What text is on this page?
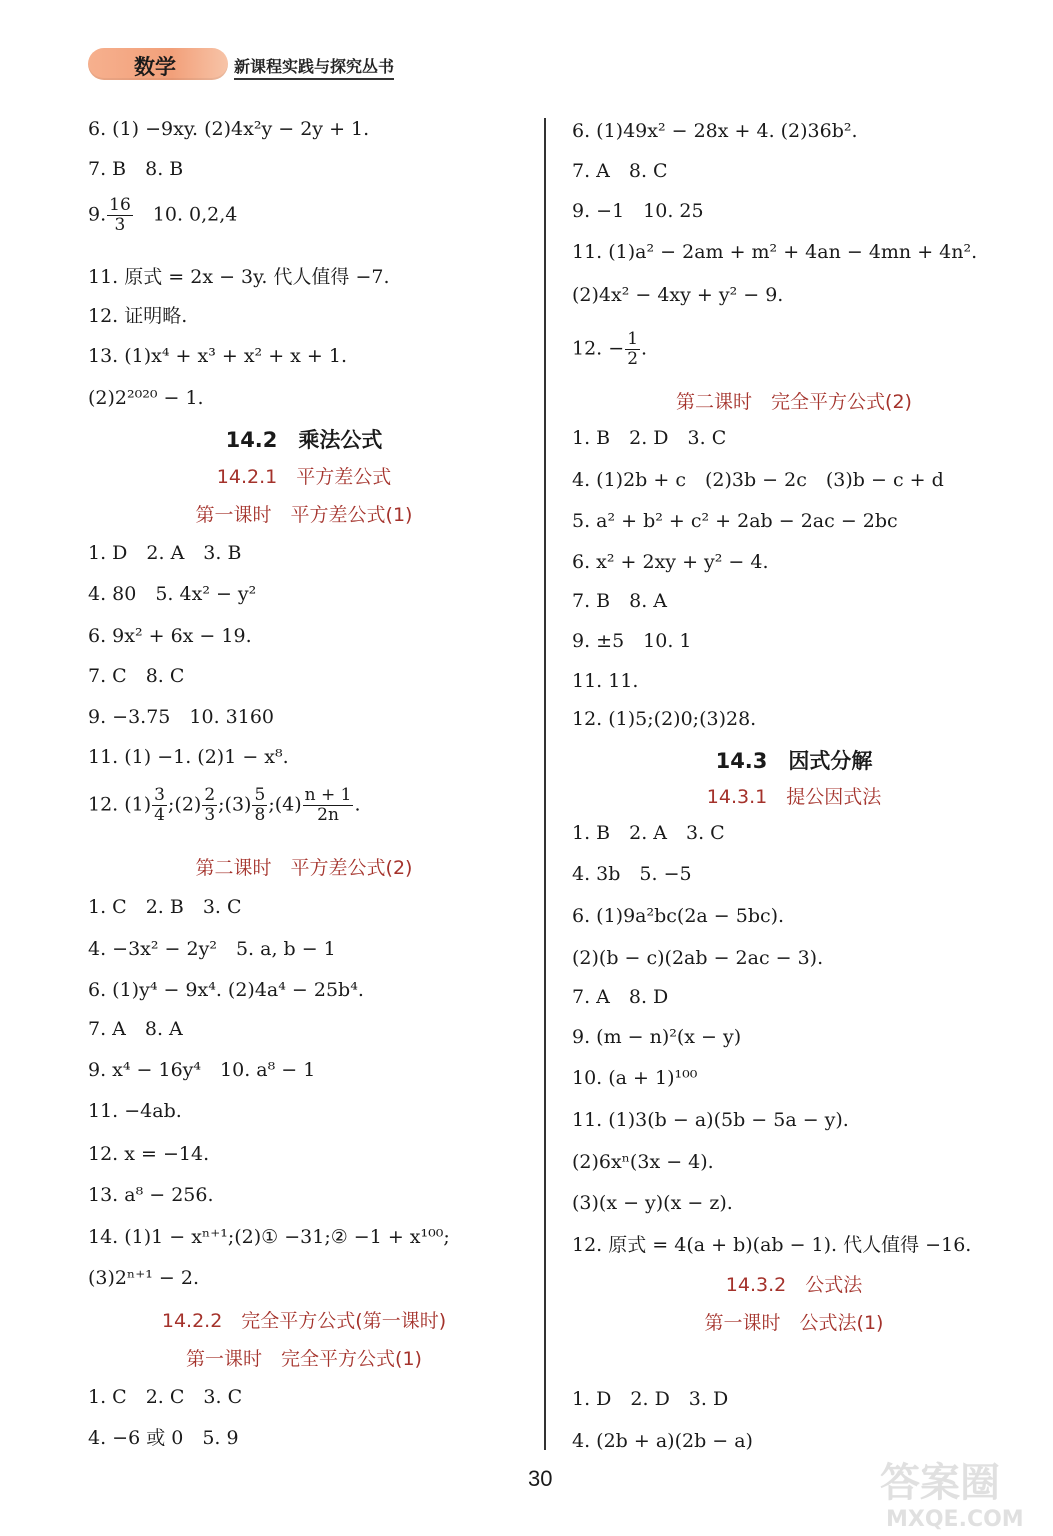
数学	新课程实践与探究丛书
6. (1) −9xy. (2)4x²y − 2y + 1.
7. B　8. B
9. $\frac{16}{3}$ 　10. 0,2,4
11. 原式 = 2x − 3y. 代人值得 −7.
12. 证明略.
13. (1)x⁴ + x³ + x² + x + 1.
(2)2²⁰²⁰ − 1.
14.2　乘法公式
14.2.1　平方差公式
第一课时　平方差公式(1)
1. D　2. A　3. B
4. 80　5. 4x² − y²
6. 9x² + 6x − 19.
7. C　8. C
9. −3.75　10. 3160
11. (1) −1. (2)1 − x⁸.
12. $(1) \frac{3}{4}$ ;(2) $\frac{2}{3}$ ;(3) $\frac{5}{8}$ ;(4) $\frac{n + 1}{2n}$ .
第二课时　平方差公式(2)
1. C　2. B　3. C
4. −3x² − 2y²　5. a, b − 1
6. (1)y⁴ − 9x⁴. (2)4a⁴ − 25b⁴.
7. A　8. A
9. x⁴ − 16y⁴　10. a⁸ − 1
11. −4ab.
12. x = −14.
13. a⁸ − 256.
14. (1)1 − xⁿ⁺¹;(2)① −31;② −1 + x¹⁰⁰;
(3)2ⁿ⁺¹ − 2.
14.2.2　完全平方公式(第一课时)
第一课时　完全平方公式(1)
1. C　2. C　3. C
4. −6 或 0　5. 9
6. (1)49x² − 28x + 4. (2)36b².
7. A　8. C
9. −1　10. 25
11. (1)a² − 2am + m² + 4an − 4mn + 4n².
(2)4x² − 4xy + y² − 9.
12. − $\frac{1}{2}$ .
第二课时　完全平方公式(2)
1. B　2. D　3. C
4. (1)2b + c　(2)3b − 2c　(3)b − c + d
5. a² + b² + c² + 2ab − 2ac − 2bc
6. x² + 2xy + y² − 4.
7. B　8. A
9. ±5　10. 1
11. 11.
12. (1)5;(2)0;(3)28.
14.3　因式分解
14.3.1　提公因式法
1. B　2. A　3. C
4. 3b　5. −5
6. (1)9a²bc(2a − 5bc).
(2)(b − c)(2ab − 2ac − 3).
7. A　8. D
9. (m − n)²(x − y)
10. (a + 1)¹⁰⁰
11. (1)3(b − a)(5b − 5a − y).
(2)6xⁿ(3x − 4).
(3)(x − y)(x − z).
12. 原式 = 4(a + b)(ab − 1). 代人值得 −16.
14.3.2　公式法
第一课时　公式法(1)
1. D　2. D　3. D
4. (2b + a)(2b − a)
30	答案圈
MXQE.COM
